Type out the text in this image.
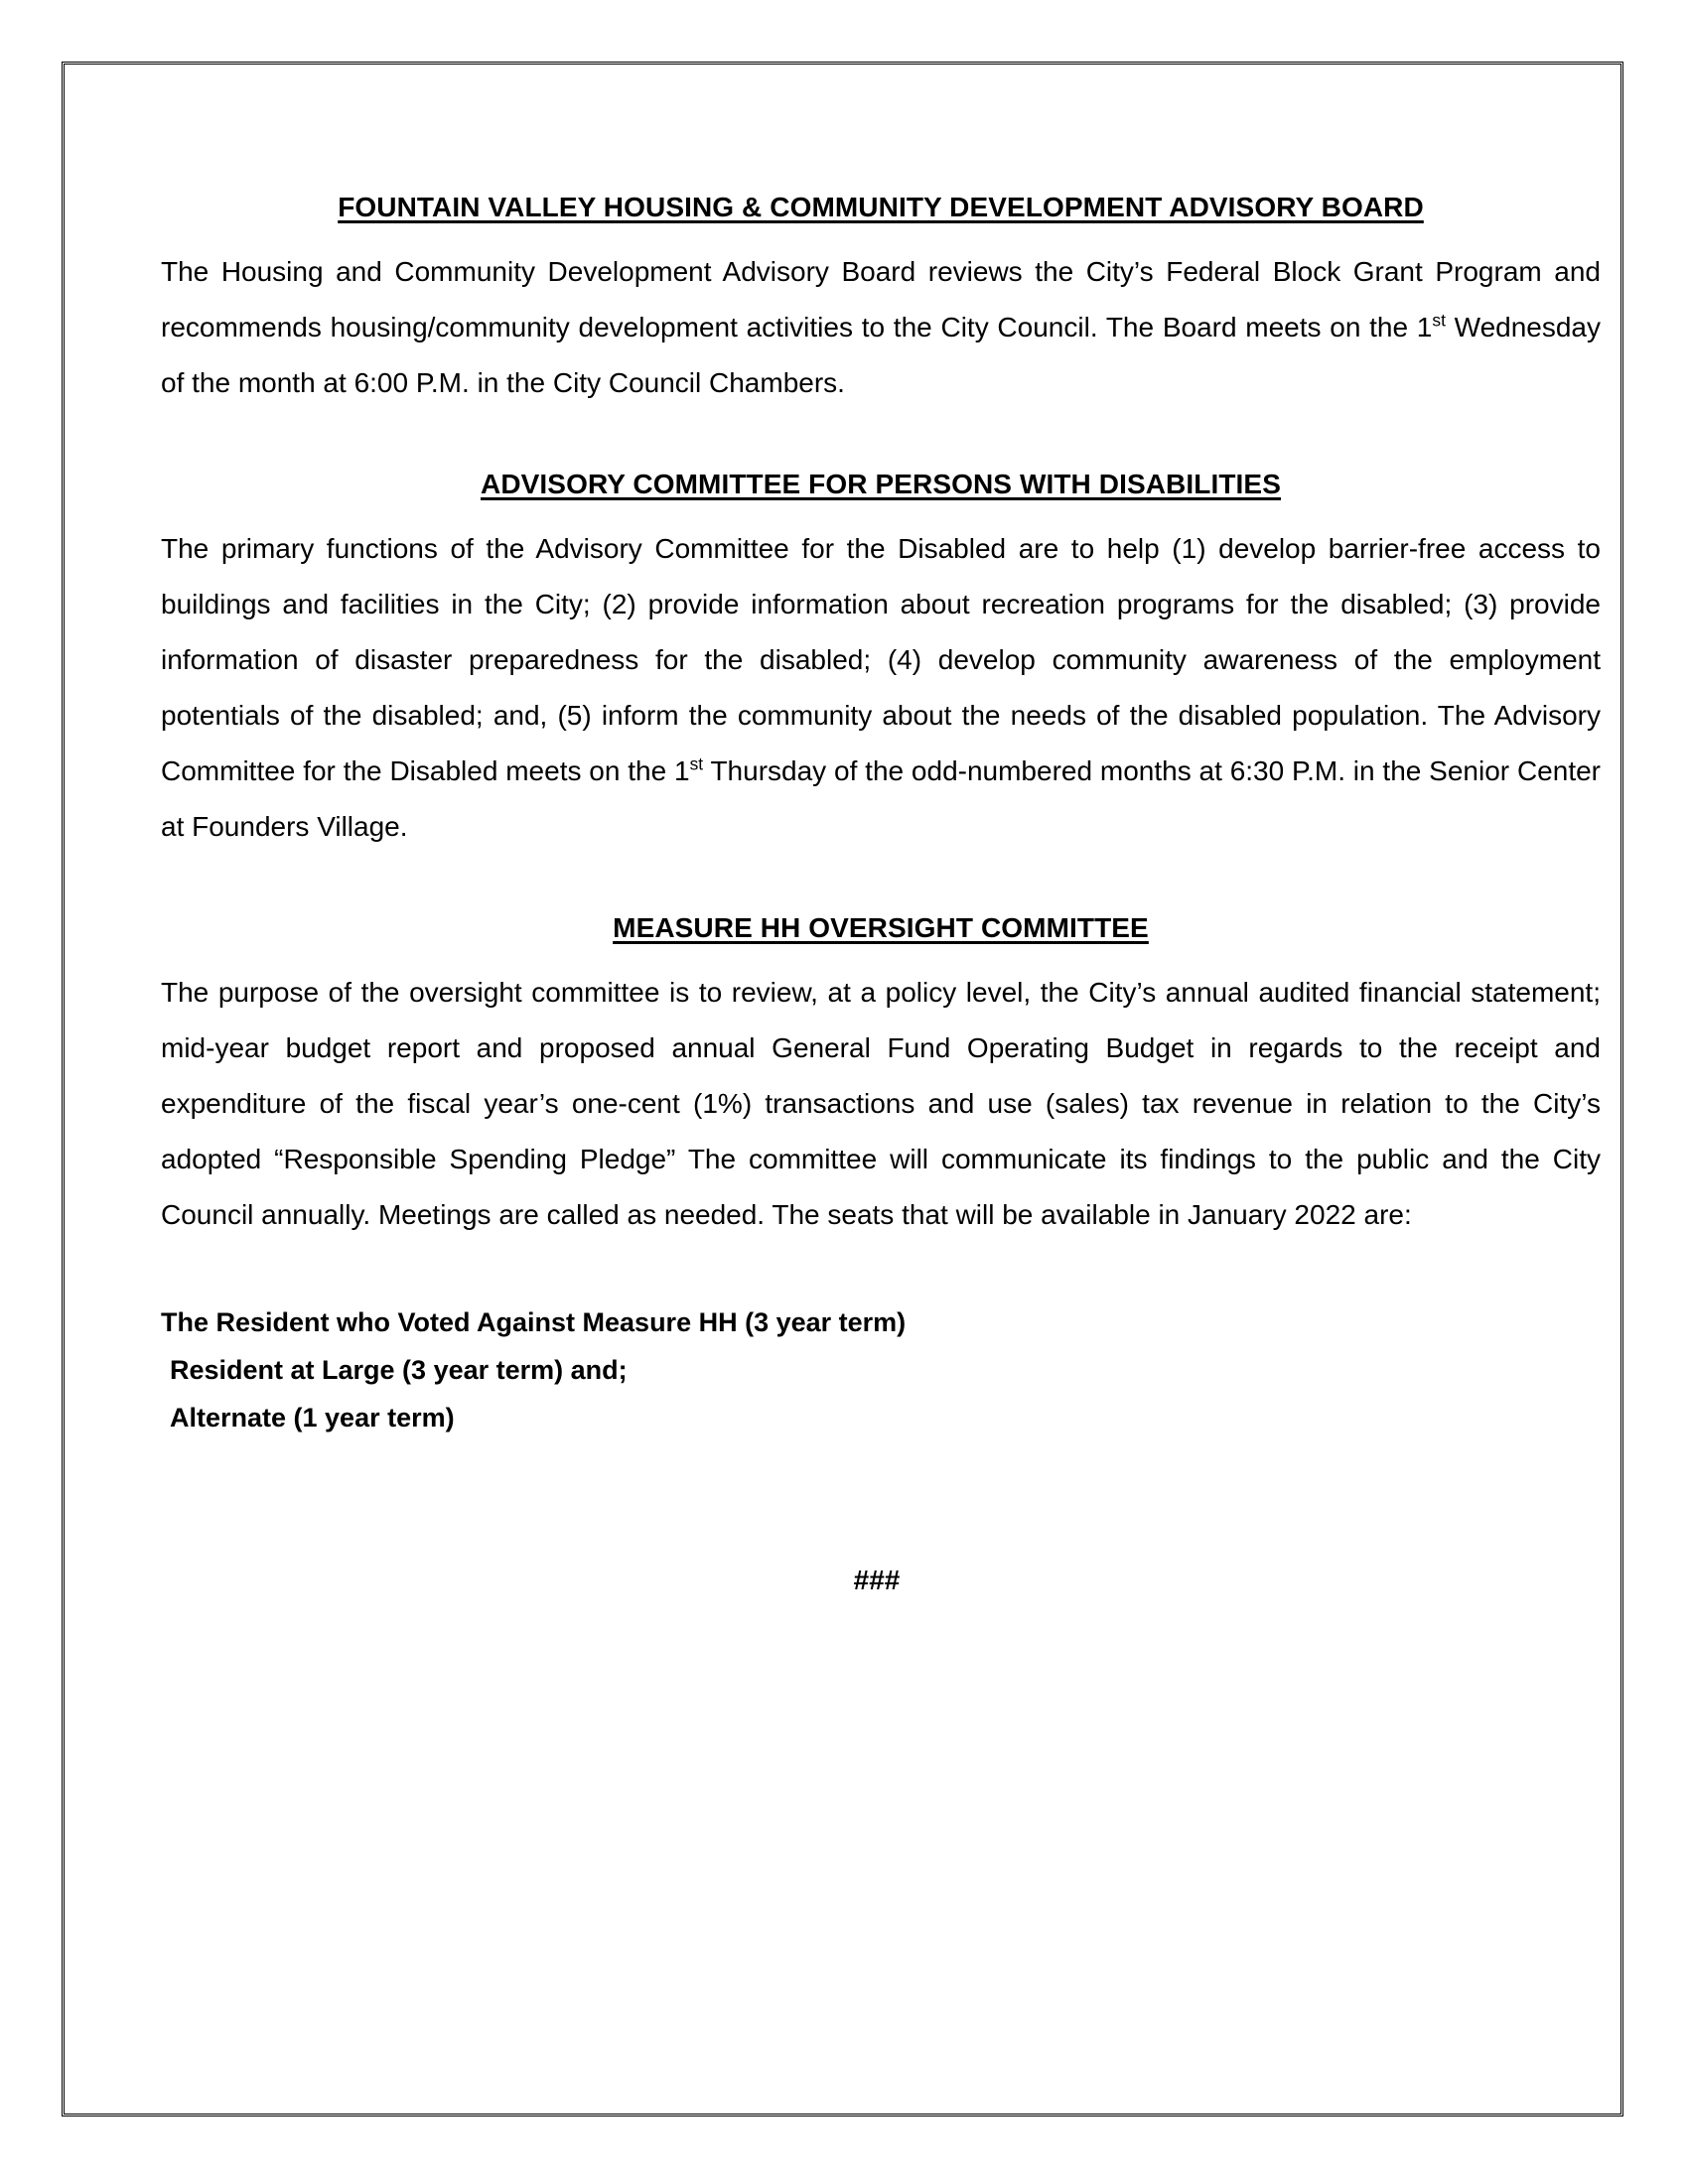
FOUNTAIN VALLEY HOUSING & COMMUNITY DEVELOPMENT ADVISORY BOARD

The Housing and Community Development Advisory Board reviews the City’s Federal Block Grant Program and recommends housing/community development activities to the City Council. The Board meets on the 1st Wednesday of the month at 6:00 P.M. in the City Council Chambers.

ADVISORY COMMITTEE FOR PERSONS WITH DISABILITIES

The primary functions of the Advisory Committee for the Disabled are to help (1) develop barrier-free access to buildings and facilities in the City; (2) provide information about recreation programs for the disabled; (3) provide information of disaster preparedness for the disabled; (4) develop community awareness of the employment potentials of the disabled; and, (5) inform the community about the needs of the disabled population. The Advisory Committee for the Disabled meets on the 1st Thursday of the odd-numbered months at 6:30 P.M. in the Senior Center at Founders Village.

MEASURE HH OVERSIGHT COMMITTEE

The purpose of the oversight committee is to review, at a policy level, the City’s annual audited financial statement; mid-year budget report and proposed annual General Fund Operating Budget in regards to the receipt and expenditure of the fiscal year’s one-cent (1%) transactions and use (sales) tax revenue in relation to the City’s adopted “Responsible Spending Pledge” The committee will communicate its findings to the public and the City Council annually. Meetings are called as needed. The seats that will be available in January 2022 are:

The Resident who Voted Against Measure HH (3 year term)
Resident at Large (3 year term) and;
Alternate (1 year term)
###
